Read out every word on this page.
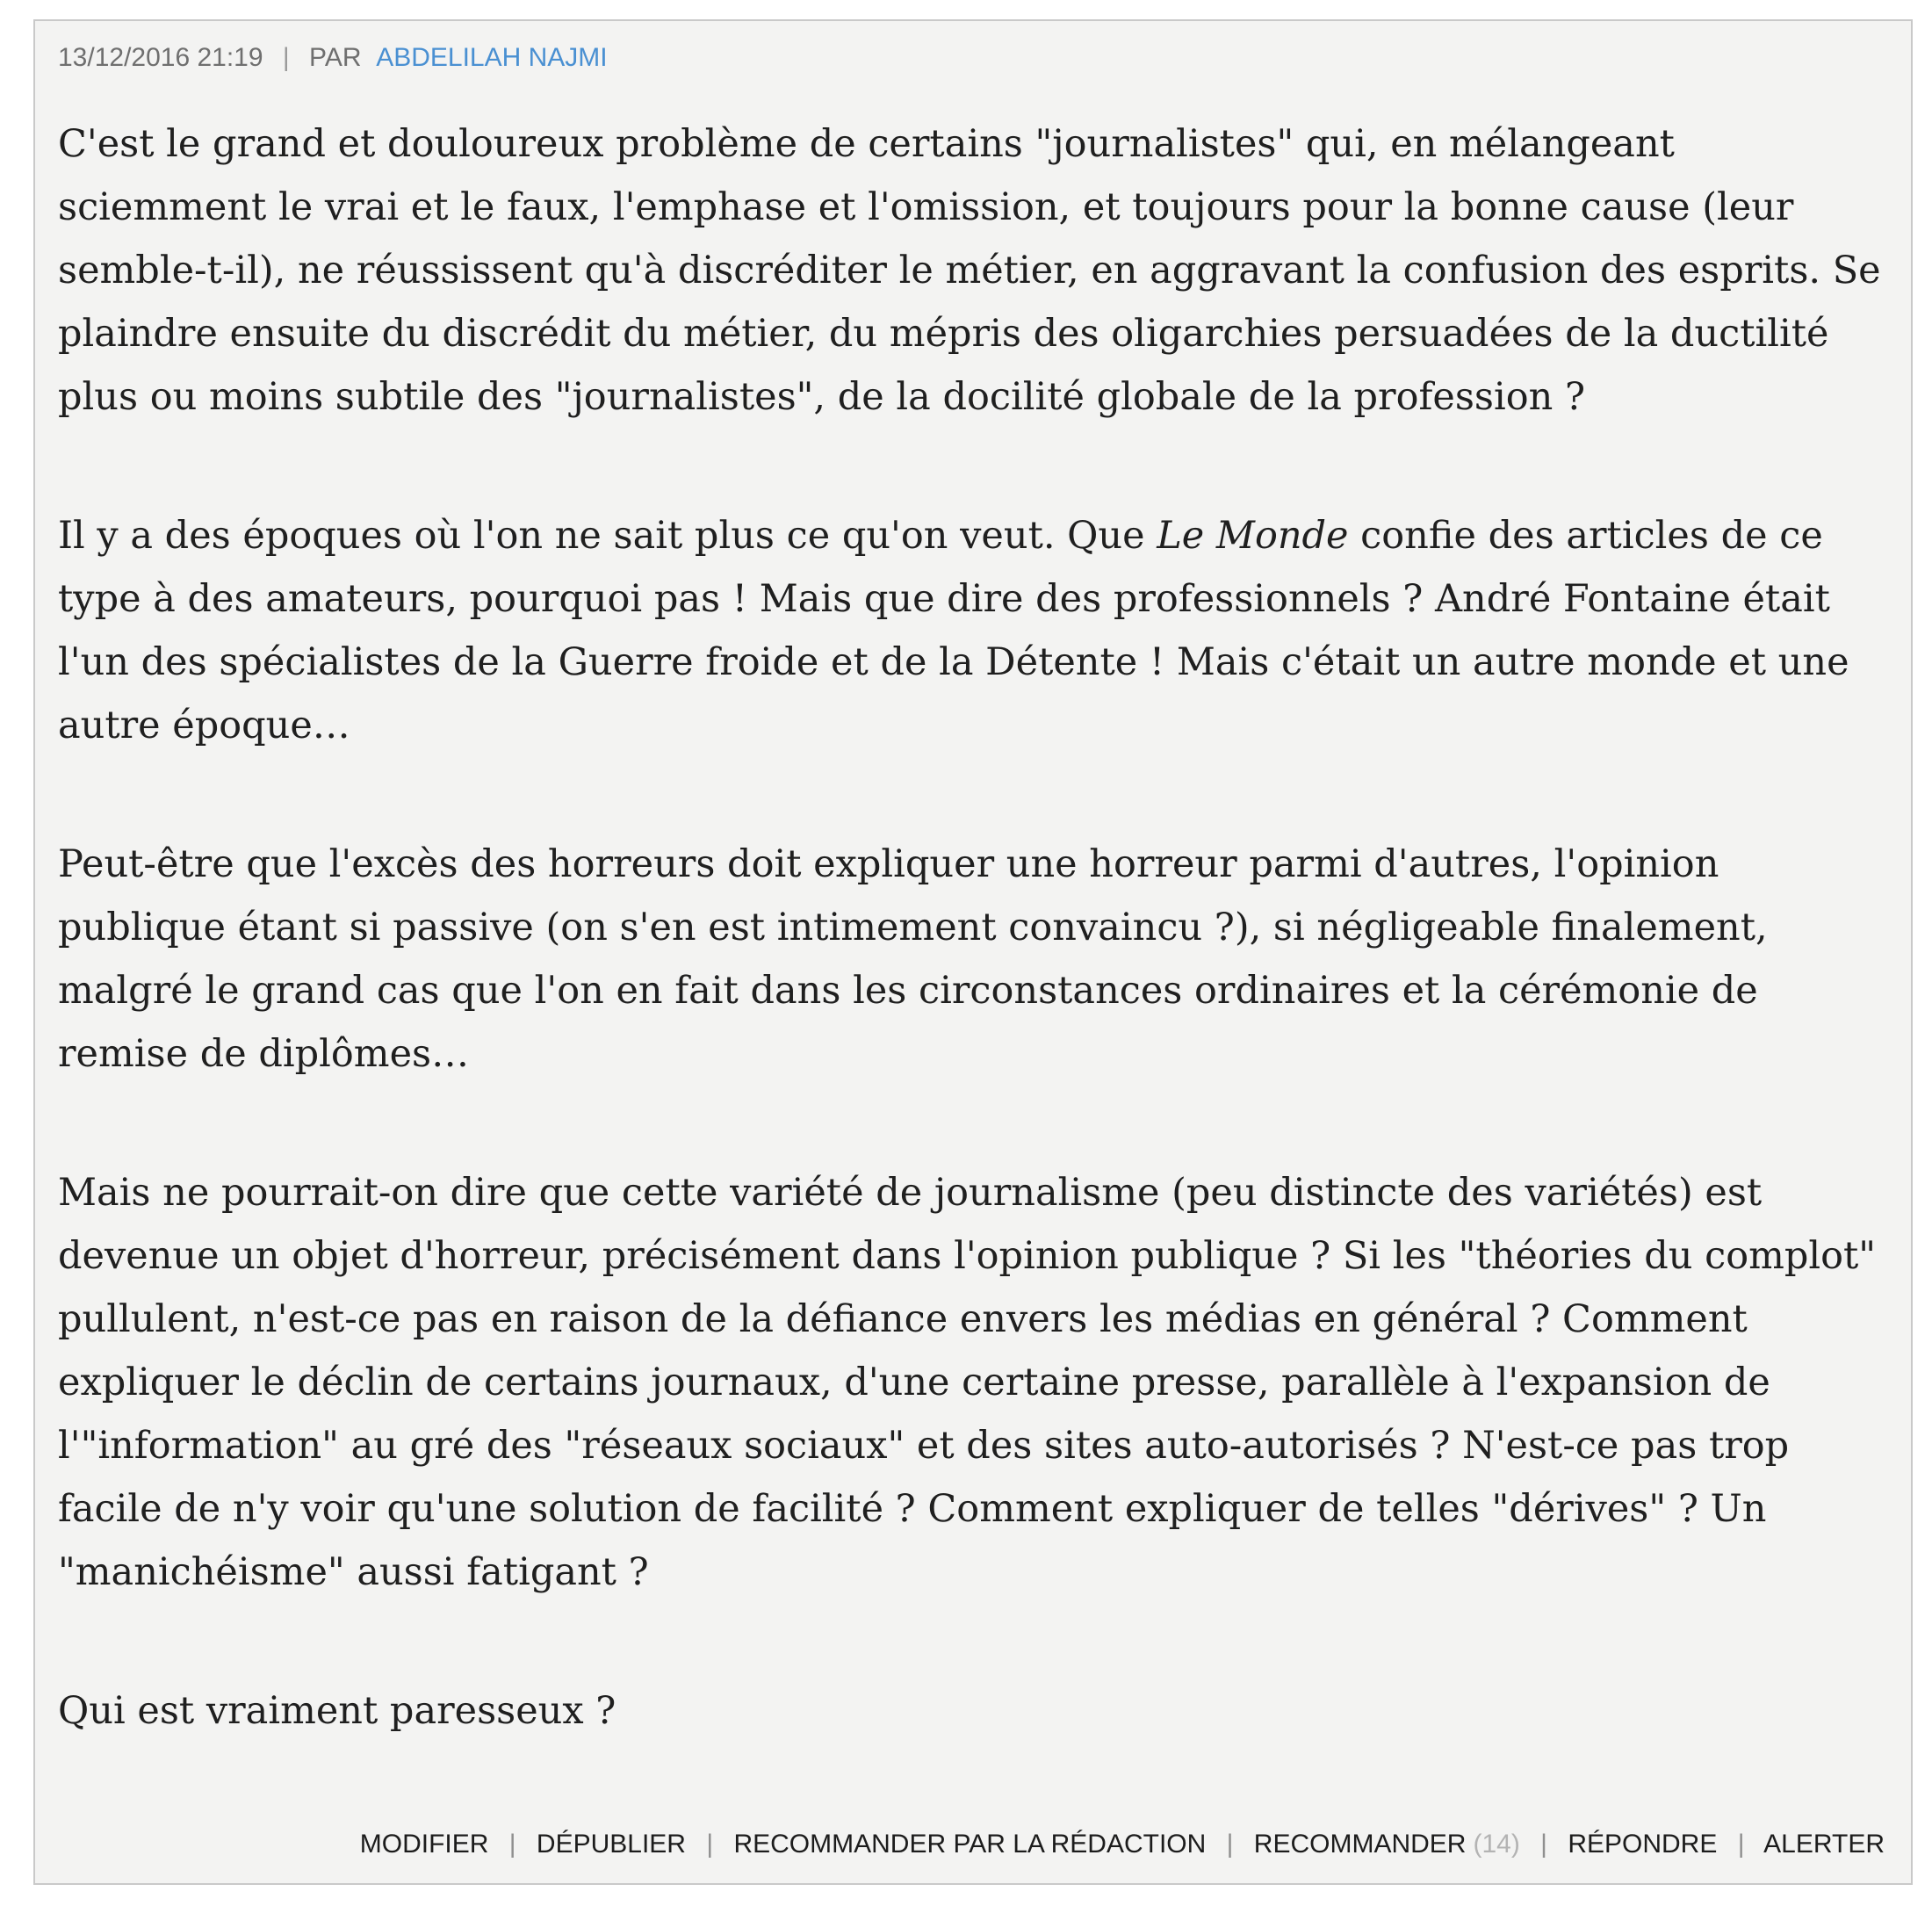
13/12/2016 21:19 | PAR ABDELILAH NAJMI

C'est le grand et douloureux problème de certains "journalistes" qui, en mélangeant sciemment le vrai et le faux, l'emphase et l'omission, et toujours pour la bonne cause (leur semble-t-il), ne réussissent qu'à discréditer le métier, en aggravant la confusion des esprits. Se plaindre ensuite du discrédit du métier, du mépris des oligarchies persuadées de la ductilité plus ou moins subtile des "journalistes", de la docilité globale de la profession ?

Il y a des époques où l'on ne sait plus ce qu'on veut. Que Le Monde confie des articles de ce type à des amateurs, pourquoi pas ! Mais que dire des professionnels ? André Fontaine était l'un des spécialistes de la Guerre froide et de la Détente ! Mais c'était un autre monde et une autre époque…

Peut-être que l'excès des horreurs doit expliquer une horreur parmi d'autres, l'opinion publique étant si passive (on s'en est intimement convaincu ?), si négligeable finalement, malgré le grand cas que l'on en fait dans les circonstances ordinaires et la cérémonie de remise de diplômes…

Mais ne pourrait-on dire que cette variété de journalisme (peu distincte des variétés) est devenue un objet d'horreur, précisément dans l'opinion publique ? Si les "théories du complot" pullulent, n'est-ce pas en raison de la défiance envers les médias en général ? Comment expliquer le déclin de certains journaux, d'une certaine presse, parallèle à l'expansion de l'"information" au gré des "réseaux sociaux" et des sites auto-autorisés ? N'est-ce pas trop facile de n'y voir qu'une solution de facilité ? Comment expliquer de telles "dérives" ? Un "manichéisme" aussi fatigant ?

Qui est vraiment paresseux ?

MODIFIER | DÉPUBLIER | RECOMMANDER PAR LA RÉDACTION | RECOMMANDER (14) | RÉPONDRE | ALERTER
